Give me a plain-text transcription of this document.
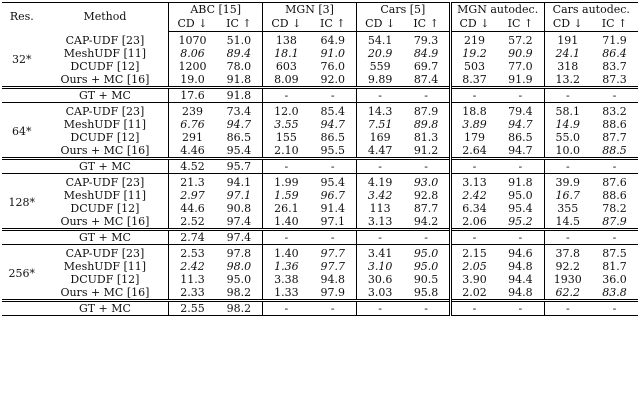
Res.	Method	ABC [15]		MGN [3]		Cars [5]		MGN autodec.		Cars autodec.	
		CD ↓	IC ↑	CD ↓	IC ↑	CD ↓	IC ↑	CD ↓	IC ↑	CD ↓	IC ↑
32*	CAP-UDF [23]	1070	51.0	138	64.9	54.1	79.3	219	57.2	191	71.9
	MeshUDF [11]	8.06	89.4	18.1	91.0	20.9	84.9	19.2	90.9	24.1	86.4
	DCUDF [12]	1200	78.0	603	76.0	559	69.7	503	77.0	318	83.7
	Ours + MC [16]	19.0	91.8	8.09	92.0	9.89	87.4	8.37	91.9	13.2	87.3
	GT + MC	17.6	91.8	-	-	-	-	-	-	-	-
64*	CAP-UDF [23]	239	73.4	12.0	85.4	14.3	87.9	18.8	79.4	58.1	83.2
	MeshUDF [11]	6.76	94.7	3.55	94.7	7.51	89.8	3.89	94.7	14.9	88.6
	DCUDF [12]	291	86.5	155	86.5	169	81.3	179	86.5	55.0	87.7
	Ours + MC [16]	4.46	95.4	2.10	95.5	4.47	91.2	2.64	94.7	10.0	88.5
	GT + MC	4.52	95.7	-	-	-	-	-	-	-	-
128*	CAP-UDF [23]	21.3	94.1	1.99	95.4	4.19	93.0	3.13	91.8	39.9	87.6
	MeshUDF [11]	2.97	97.1	1.59	96.7	3.42	92.8	2.42	95.0	16.7	88.6
	DCUDF [12]	44.6	90.8	26.1	91.4	113	87.7	6.34	95.4	355	78.2
	Ours + MC [16]	2.52	97.4	1.40	97.1	3.13	94.2	2.06	95.2	14.5	87.9
	GT + MC	2.74	97.4	-	-	-	-	-	-	-	-
256*	CAP-UDF [23]	2.53	97.8	1.40	97.7	3.41	95.0	2.15	94.6	37.8	87.5
	MeshUDF [11]	2.42	98.0	1.36	97.7	3.10	95.0	2.05	94.8	92.2	81.7
	DCUDF [12]	11.3	95.0	3.38	94.8	30.6	90.5	3.90	94.4	1930	36.0
	Ours + MC [16]	2.33	98.2	1.33	97.9	3.03	95.8	2.02	94.8	62.2	83.8
	GT + MC	2.55	98.2	-	-	-	-	-	-	-	-
